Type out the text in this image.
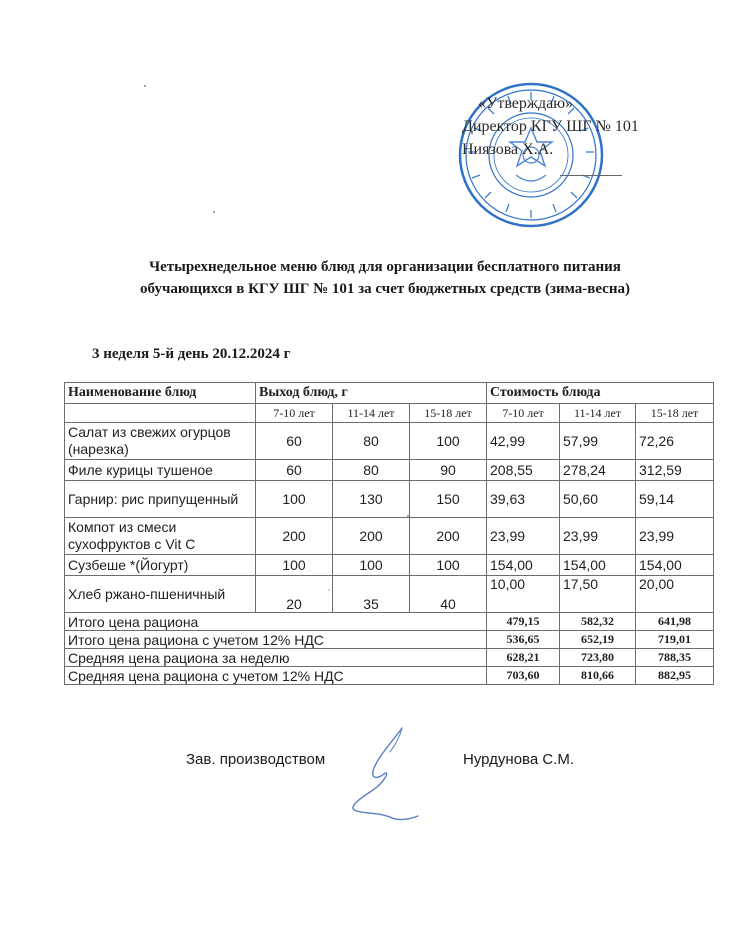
«Утверждаю»
Директор КГУ ШГ № 101
Ниязова Х.А.
Четырехнедельное меню блюд для организации бесплатного питания
обучающихся в КГУ ШГ № 101 за счет бюджетных средств (зима-весна)
3 неделя 5-й день 20.12.2024 г
Наименование блюд	Выход блюд, г			Стоимость блюда		
	7-10 лет	11-14 лет	15-18 лет	7-10 лет	11-14 лет	15-18 лет
Салат из свежих огурцов (нарезка)	60	80	100	42,99	57,99	72,26
Филе курицы тушеное	60	80	90	208,55	278,24	312,59
Гарнир: рис припущенный	100	130	150	39,63	50,60	59,14
Компот из смеси сухофруктов с Vit C	200	200	200	23,99	23,99	23,99
Сузбеше *(Йогурт)	100	100	100	154,00	154,00	154,00
Хлеб ржано-пшеничный	20	35	40	10,00	17,50	20,00
Итого цена рациона				479,15	582,32	641,98
Итого цена рациона с учетом 12% НДС				536,65	652,19	719,01
Средняя цена рациона за неделю				628,21	723,80	788,35
Средняя цена рациона с учетом 12% НДС				703,60	810,66	882,95
Зав. производством	Нурдунова С.М.
